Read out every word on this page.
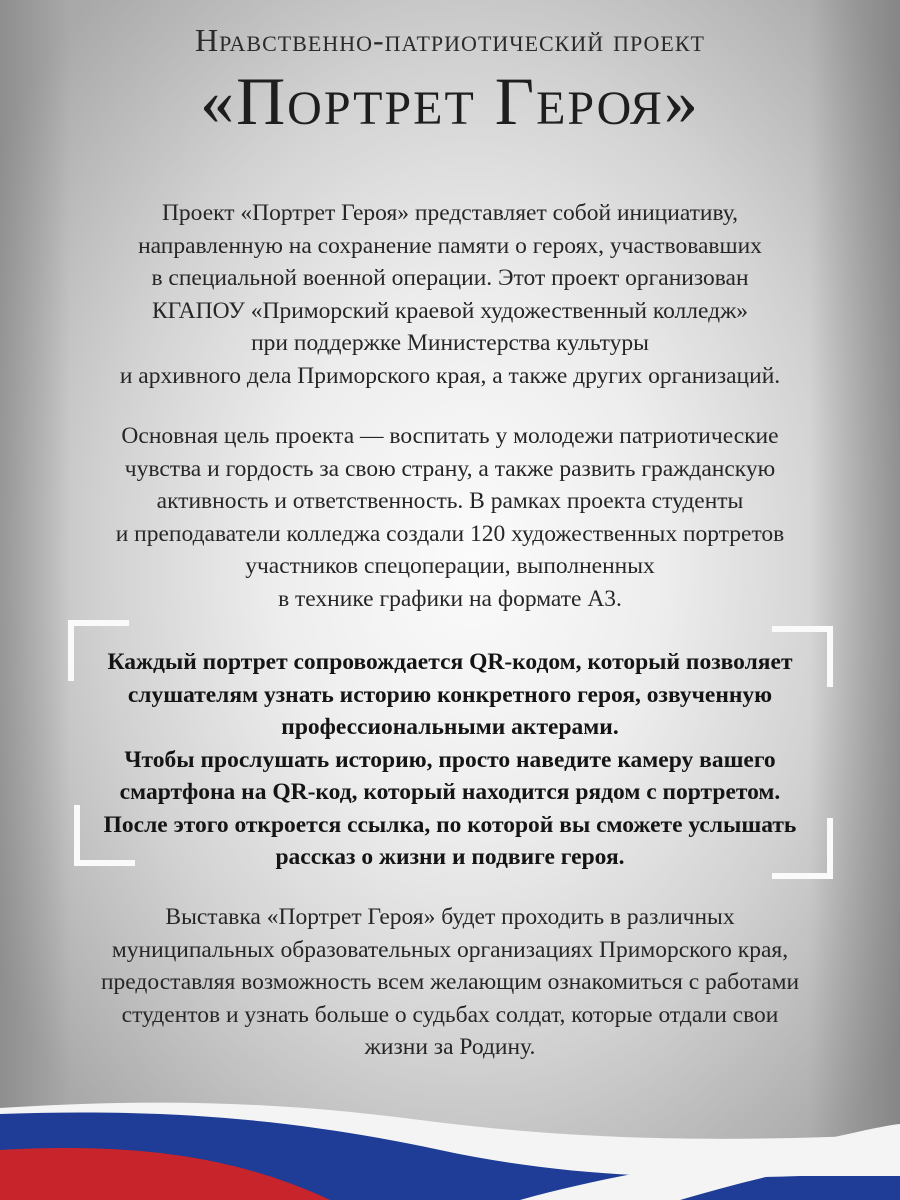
Нравственно-патриотический проект
«Портрет Героя»
Проект «Портрет Героя» представляет собой инициативу,
направленную на сохранение памяти о героях, участвовавших
в специальной военной операции. Этот проект организован
КГАПОУ «Приморский краевой художественный колледж»
при поддержке Министерства культуры
и архивного дела Приморского края, а также других организаций.
Основная цель проекта — воспитать у молодежи патриотические
чувства и гордость за свою страну, а также развить гражданскую
активность и ответственность. В рамках проекта студенты
и преподаватели колледжа создали 120 художественных портретов
участников спецоперации, выполненных
в технике графики на формате А3.
Каждый портрет сопровождается QR-кодом, который позволяет
слушателям узнать историю конкретного героя, озвученную
профессиональными актерами.
Чтобы прослушать историю, просто наведите камеру вашего
смартфона на QR-код, который находится рядом с портретом.
После этого откроется ссылка, по которой вы сможете услышать
рассказ о жизни и подвиге героя.
Выставка «Портрет Героя» будет проходить в различных
муниципальных образовательных организациях Приморского края,
предоставляя возможность всем желающим ознакомиться с работами
студентов и узнать больше о судьбах солдат, которые отдали свои
жизни за Родину.
